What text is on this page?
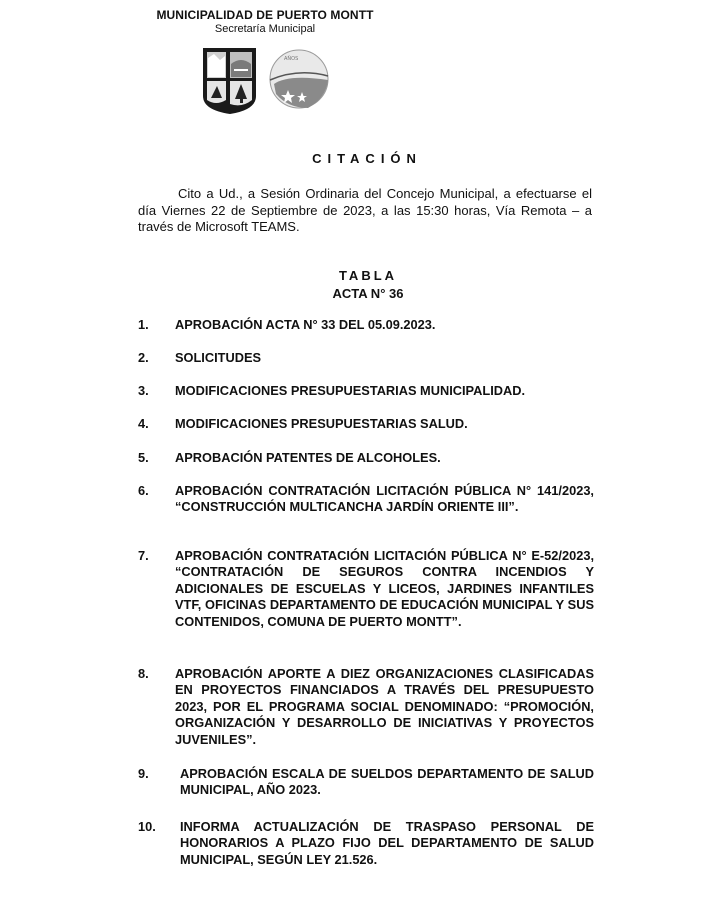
MUNICIPALIDAD DE PUERTO MONTT
Secretaría Municipal
AÑOS
CITACIÓN
Cito a Ud., a Sesión Ordinaria del Concejo Municipal, a efectuarse el día Viernes 22 de Septiembre de 2023, a las 15:30 horas, Vía Remota – a través de Microsoft TEAMS.
TABLA
ACTA N° 36
1.	APROBACIÓN ACTA N° 33 DEL 05.09.2023.
2.	SOLICITUDES
3.	MODIFICACIONES PRESUPUESTARIAS MUNICIPALIDAD.
4.	MODIFICACIONES PRESUPUESTARIAS SALUD.
5.	APROBACIÓN PATENTES DE ALCOHOLES.
6.	APROBACIÓN CONTRATACIÓN LICITACIÓN PÚBLICA N° 141/2023, “CONSTRUCCIÓN MULTICANCHA JARDÍN ORIENTE III”.
7.	APROBACIÓN CONTRATACIÓN LICITACIÓN PÚBLICA N° E-52/2023, “CONTRATACIÓN DE SEGUROS CONTRA INCENDIOS Y ADICIONALES DE ESCUELAS Y LICEOS, JARDINES INFANTILES VTF, OFICINAS DEPARTAMENTO DE EDUCACIÓN MUNICIPAL Y SUS CONTENIDOS, COMUNA DE PUERTO MONTT”.
8.	APROBACIÓN APORTE A DIEZ ORGANIZACIONES CLASIFICADAS EN PROYECTOS FINANCIADOS A TRAVÉS DEL PRESUPUESTO 2023, POR EL PROGRAMA SOCIAL DENOMINADO: “PROMOCIÓN, ORGANIZACIÓN Y DESARROLLO DE INICIATIVAS Y PROYECTOS JUVENILES”.
9.	APROBACIÓN ESCALA DE SUELDOS DEPARTAMENTO DE SALUD MUNICIPAL, AÑO 2023.
10.	INFORMA ACTUALIZACIÓN DE TRASPASO PERSONAL DE HONORARIOS A PLAZO FIJO DEL DEPARTAMENTO DE SALUD MUNICIPAL, SEGÚN LEY 21.526.
